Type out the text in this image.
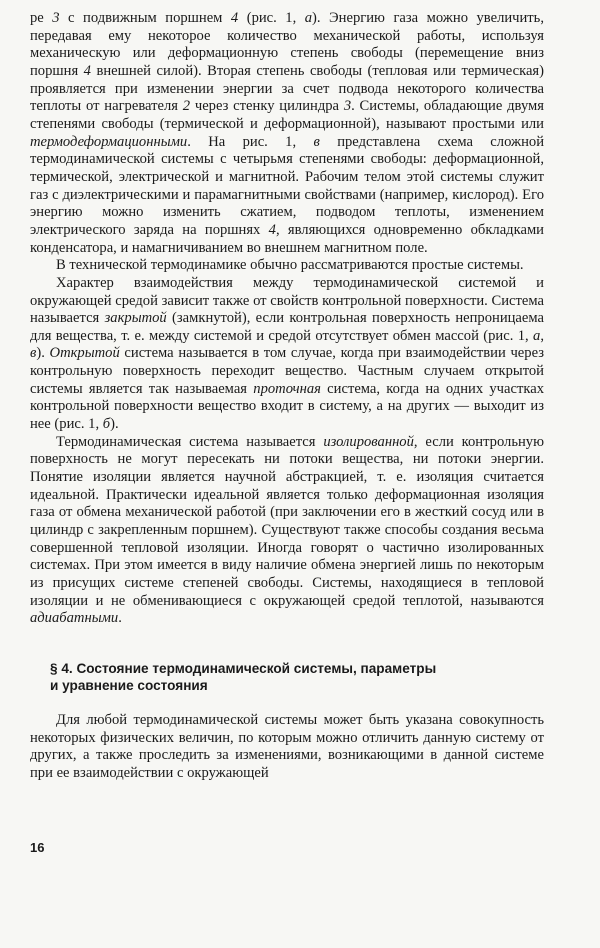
ре 3 с подвижным поршнем 4 (рис. 1, а). Энергию газа можно увеличить, передавая ему некоторое количество механической работы, используя механическую или деформационную степень свободы (перемещение вниз поршня 4 внешней силой). Вторая степень свободы (тепловая или термическая) проявляется при изменении энергии за счет подвода некоторого количества теплоты от нагревателя 2 через стенку цилиндра 3. Системы, обладающие двумя степенями свободы (термической и деформационной), называют простыми или термодеформационными. На рис. 1, в представлена схема сложной термодинамической системы с четырьмя степенями свободы: деформационной, термической, электрической и магнитной. Рабочим телом этой системы служит газ с диэлектрическими и парамагнитными свойствами (например, кислород). Его энергию можно изменить сжатием, подводом теплоты, изменением электрического заряда на поршнях 4, являющихся одновременно обкладками конденсатора, и намагничиванием во внешнем магнитном поле.

В технической термодинамике обычно рассматриваются простые системы.

Характер взаимодействия между термодинамической системой и окружающей средой зависит также от свойств контрольной поверхности. Система называется закрытой (замкнутой), если контрольная поверхность непроницаема для вещества, т. е. между системой и средой отсутствует обмен массой (рис. 1, а, в). Открытой система называется в том случае, когда при взаимодействии через контрольную поверхность переходит вещество. Частным случаем открытой системы является так называемая проточная система, когда на одних участках контрольной поверхности вещество входит в систему, а на других — выходит из нее (рис. 1, б).

Термодинамическая система называется изолированной, если контрольную поверхность не могут пересекать ни потоки вещества, ни потоки энергии. Понятие изоляции является научной абстракцией, т. е. изоляция считается идеальной. Практически идеальной является только деформационная изоляция газа от обмена механической работой (при заключении его в жесткий сосуд или в цилиндр с закрепленным поршнем). Существуют также способы создания весьма совершенной тепловой изоляции. Иногда говорят о частично изолированных системах. При этом имеется в виду наличие обмена энергией лишь по некоторым из присущих системе степеней свободы. Системы, находящиеся в тепловой изоляции и не обменивающиеся с окружающей средой теплотой, называются адиабатными.

§ 4. Состояние термодинамической системы, параметры
и уравнение состояния

Для любой термодинамической системы может быть указана совокупность некоторых физических величин, по которым можно отличить данную систему от других, а также проследить за изменениями, возникающими в данной системе при ее взаимодействии с окружающей

16
